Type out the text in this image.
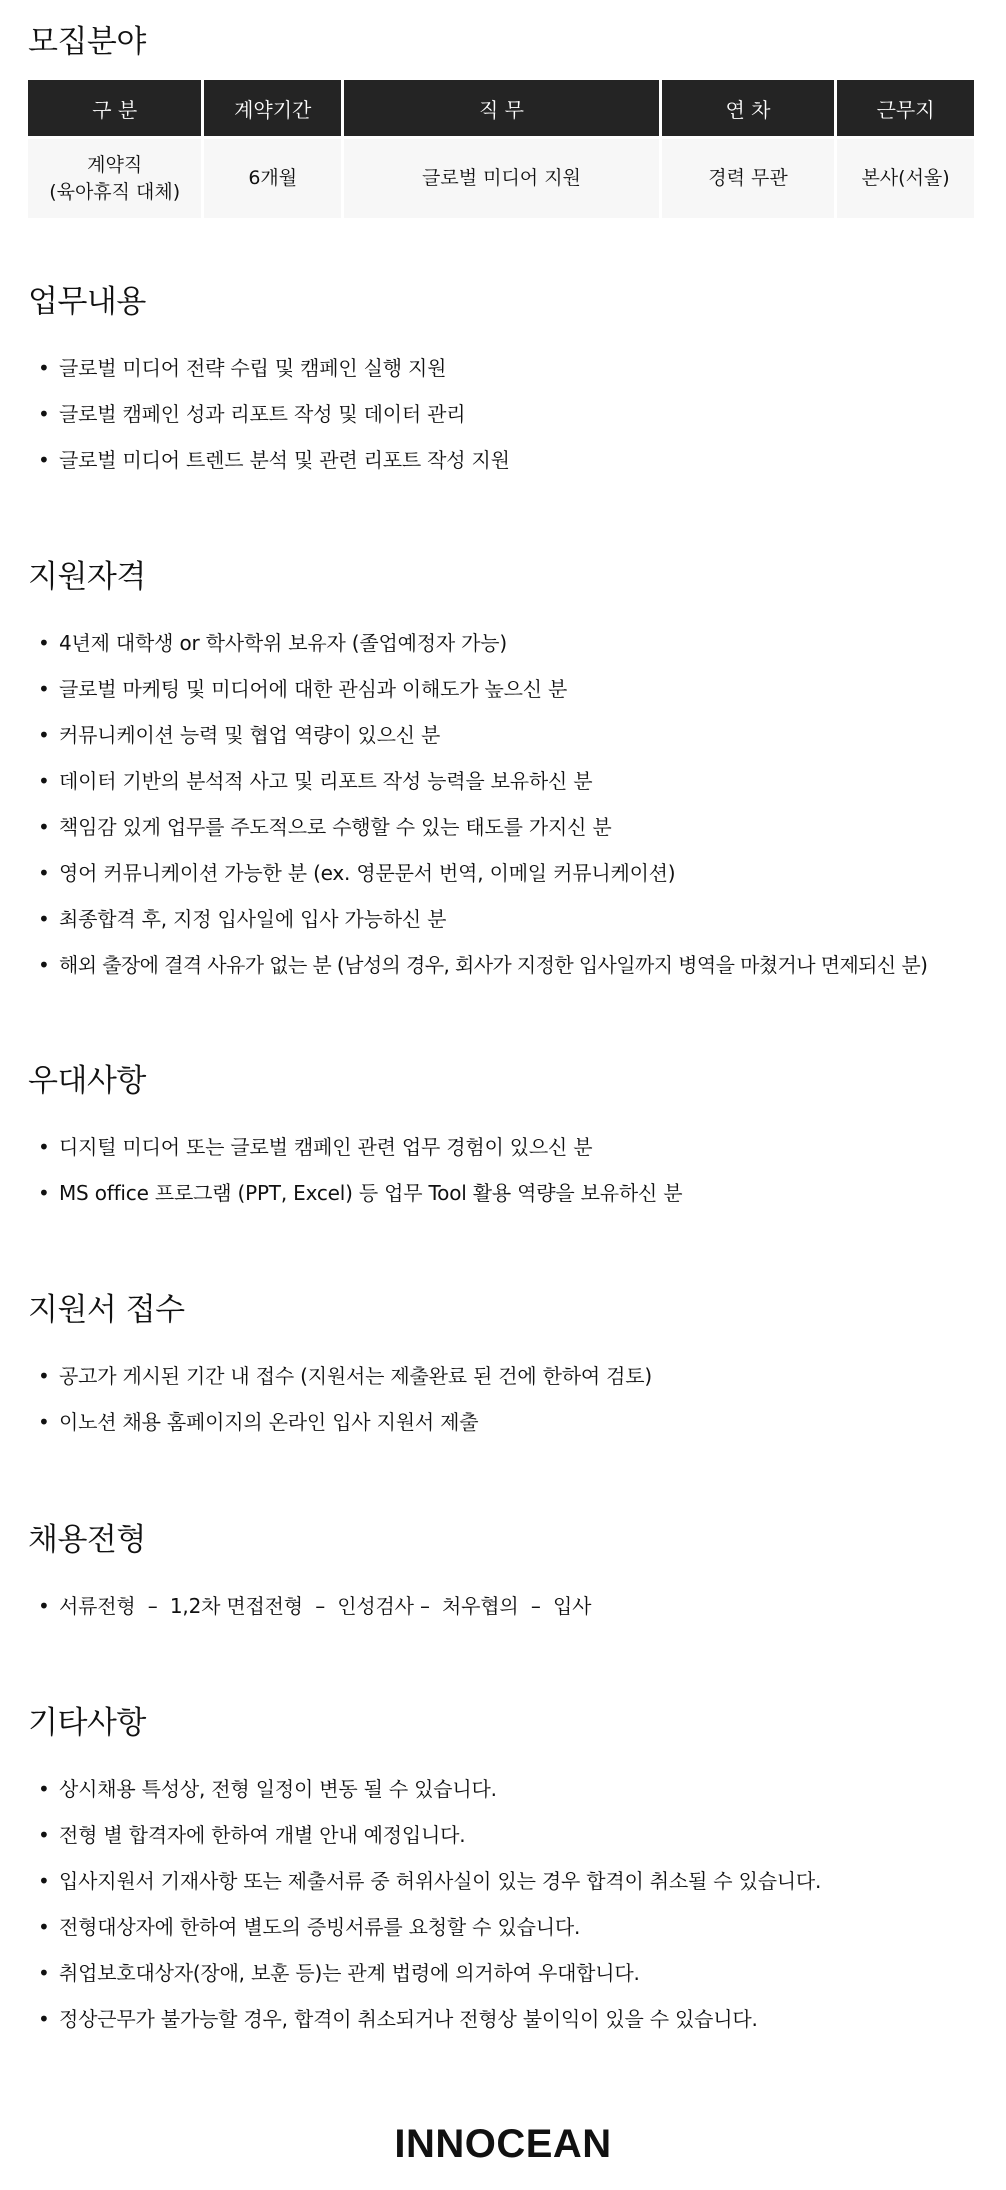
모집분야
구 분	계약기간	직 무	연 차	근무지

계약직
(육아휴직 대체)	6개월	글로벌 미디어 지원	경력 무관	본사(서울)
업무내용
• 글로벌 미디어 전략 수립 및 캠페인 실행 지원
• 글로벌 캠페인 성과 리포트 작성 및 데이터 관리
• 글로벌 미디어 트렌드 분석 및 관련 리포트 작성 지원
지원자격
• 4년제 대학생 or 학사학위 보유자 (졸업예정자 가능)
• 글로벌 마케팅 및 미디어에 대한 관심과 이해도가 높으신 분
• 커뮤니케이션 능력 및 협업 역량이 있으신 분
• 데이터 기반의 분석적 사고 및 리포트 작성 능력을 보유하신 분
• 책임감 있게 업무를 주도적으로 수행할 수 있는 태도를 가지신 분
• 영어 커뮤니케이션 가능한 분 (ex. 영문문서 번역, 이메일 커뮤니케이션)
• 최종합격 후, 지정 입사일에 입사 가능하신 분
• 해외 출장에 결격 사유가 없는 분 (남성의 경우, 회사가 지정한 입사일까지 병역을 마쳤거나 면제되신 분)
우대사항
• 디지털 미디어 또는 글로벌 캠페인 관련 업무 경험이 있으신 분
• MS office 프로그램 (PPT, Excel) 등 업무 Tool 활용 역량을 보유하신 분
지원서 접수
• 공고가 게시된 기간 내 접수 (지원서는 제출완료 된 건에 한하여 검토)
• 이노션 채용 홈페이지의 온라인 입사 지원서 제출
채용전형
• 서류전형  –  1,2차 면접전형  –  인성검사 –  처우협의  –  입사
기타사항
• 상시채용 특성상, 전형 일정이 변동 될 수 있습니다.
• 전형 별 합격자에 한하여 개별 안내 예정입니다.
• 입사지원서 기재사항 또는 제출서류 중 허위사실이 있는 경우 합격이 취소될 수 있습니다.
• 전형대상자에 한하여 별도의 증빙서류를 요청할 수 있습니다.
• 취업보호대상자(장애, 보훈 등)는 관계 법령에 의거하여 우대합니다.
• 정상근무가 불가능할 경우, 합격이 취소되거나 전형상 불이익이 있을 수 있습니다.
INNOCEAN
